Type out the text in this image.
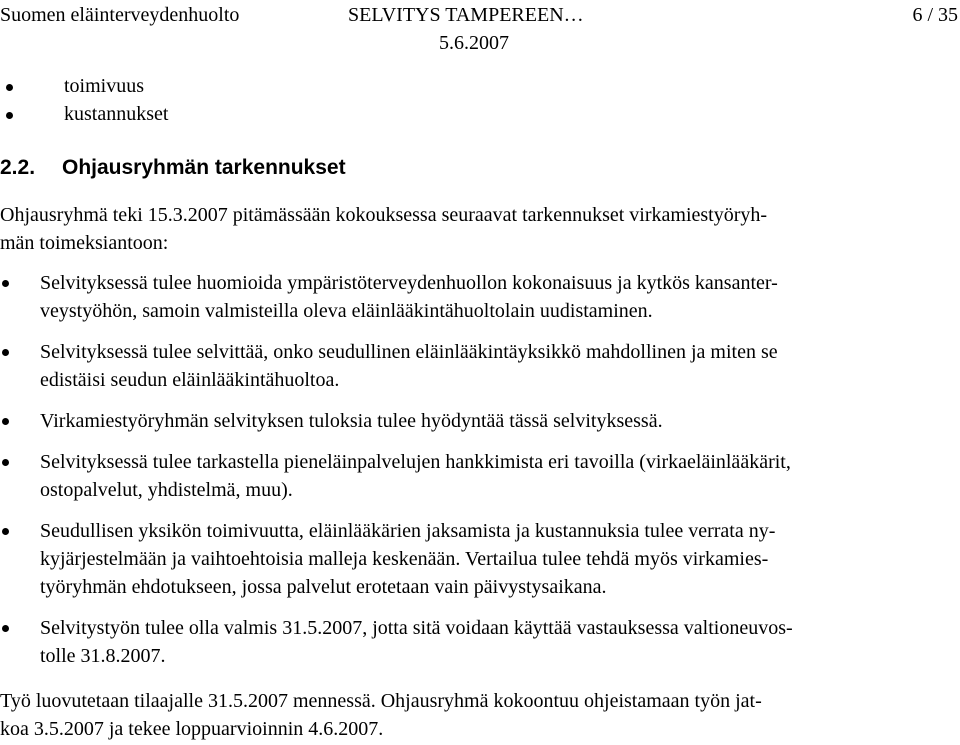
Suomen eläinterveydenhuolto	SELVITYS TAMPEREEN…
5.6.2007
6 / 35
toimivuus
kustannukset
2.2. Ohjausryhmän tarkennukset
Ohjausryhmä teki 15.3.2007 pitämässään kokouksessa seuraavat tarkennukset virkamiestyöryh-
män toimeksiantoon:
Selvityksessä tulee huomioida ympäristöterveydenhuollon kokonaisuus ja kytkös kansanter-
veystyöhön, samoin valmisteilla oleva eläinlääkintähuoltolain uudistaminen.
Selvityksessä tulee selvittää, onko seudullinen eläinlääkintäyksikkö mahdollinen ja miten se
edistäisi seudun eläinlääkintähuoltoa.
Virkamiestyöryhmän selvityksen tuloksia tulee hyödyntää tässä selvityksessä.
Selvityksessä tulee tarkastella pieneläinpalvelujen hankkimista eri tavoilla (virkaeläinlääkärit,
ostopalvelut, yhdistelmä, muu).
Seudullisen yksikön toimivuutta, eläinlääkärien jaksamista ja kustannuksia tulee verrata ny-
kyjärjestelmään ja vaihtoehtoisia malleja keskenään. Vertailua tulee tehdä myös virkamies-
työryhmän ehdotukseen, jossa palvelut erotetaan vain päivystysaikana.
Selvitystyön tulee olla valmis 31.5.2007, jotta sitä voidaan käyttää vastauksessa valtioneuvos-
tolle 31.8.2007.
Työ luovutetaan tilaajalle 31.5.2007 mennessä. Ohjausryhmä kokoontuu ohjeistamaan työn jat-
koa 3.5.2007 ja tekee loppuarvioinnin 4.6.2007.
